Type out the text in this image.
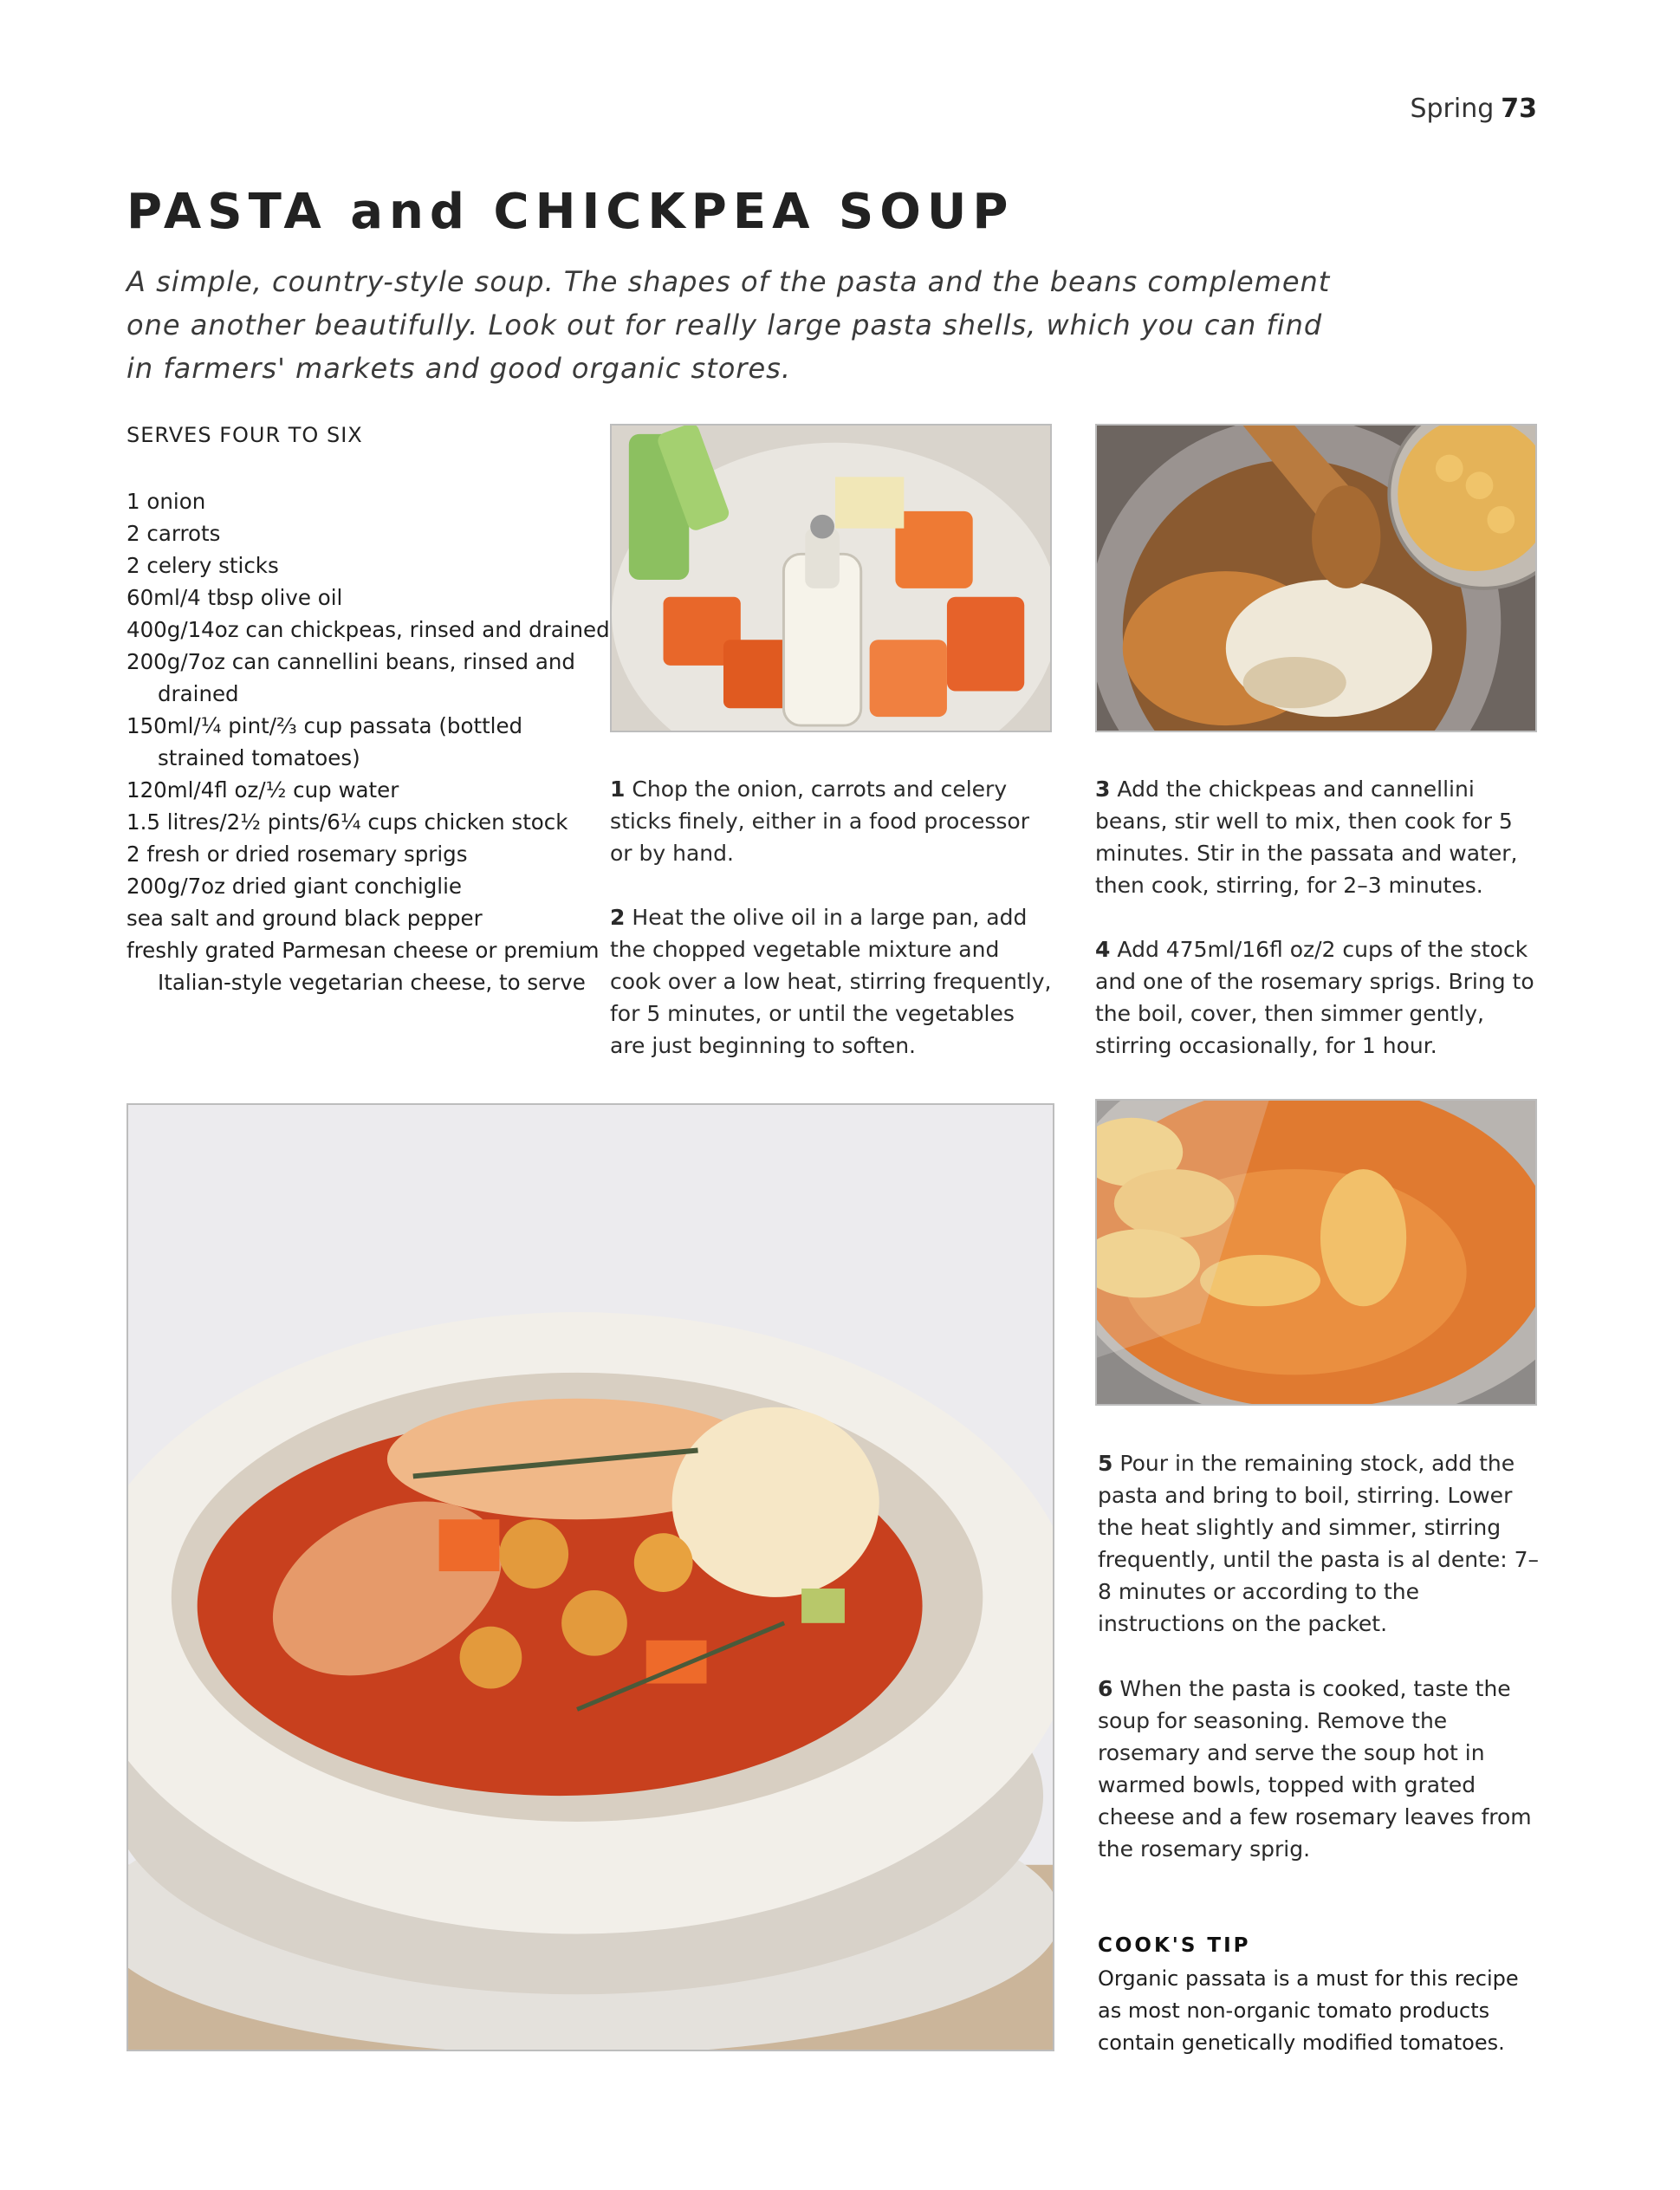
Spring 73
PASTA and CHICKPEA SOUP

A simple, country-style soup. The shapes of the pasta and the beans complement one another beautifully. Look out for really large pasta shells, which you can find in farmers' markets and good organic stores.

SERVES FOUR TO SIX
1 onion
2 carrots
2 celery sticks
60ml/4 tbsp olive oil
400g/14oz can chickpeas, rinsed and drained
200g/7oz can cannellini beans, rinsed and drained
150ml/¼ pint/⅔ cup passata (bottled strained tomatoes)
120ml/4fl oz/½ cup water
1.5 litres/2½ pints/6¼ cups chicken stock
2 fresh or dried rosemary sprigs
200g/7oz dried giant conchiglie
sea salt and ground black pepper
freshly grated Parmesan cheese or premium Italian-style vegetarian cheese, to serve

1 Chop the onion, carrots and celery sticks finely, either in a food processor or by hand.

2 Heat the olive oil in a large pan, add the chopped vegetable mixture and cook over a low heat, stirring frequently, for 5 minutes, or until the vegetables are just beginning to soften.

3 Add the chickpeas and cannellini beans, stir well to mix, then cook for 5 minutes. Stir in the passata and water, then cook, stirring, for 2–3 minutes.

4 Add 475ml/16fl oz/2 cups of the stock and one of the rosemary sprigs. Bring to the boil, cover, then simmer gently, stirring occasionally, for 1 hour.

5 Pour in the remaining stock, add the pasta and bring to boil, stirring. Lower the heat slightly and simmer, stirring frequently, until the pasta is al dente: 7–8 minutes or according to the instructions on the packet.

6 When the pasta is cooked, taste the soup for seasoning. Remove the rosemary and serve the soup hot in warmed bowls, topped with grated cheese and a few rosemary leaves from the rosemary sprig.

COOK'S TIP

Organic passata is a must for this recipe as most non-organic tomato products contain genetically modified tomatoes.
